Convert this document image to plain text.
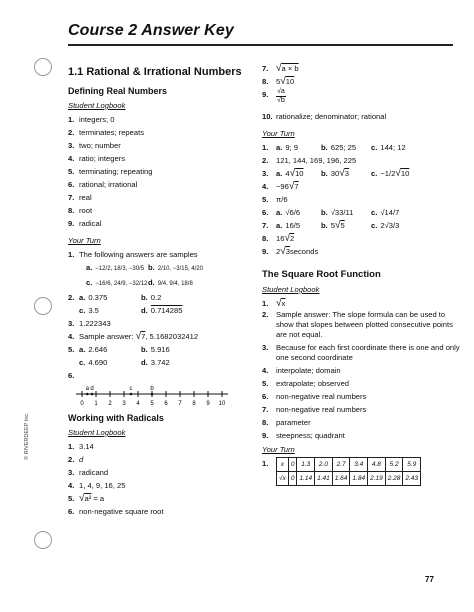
Course 2 Answer Key
1.1 Rational & Irrational Numbers
Defining Real Numbers
Student Logbook
1. integers; 0
2. terminates; repeats
3. two; number
4. ratio; integers
5. terminating; repeating
6. rational; irrational
7. real
8. root
9. radical
Your Turn
1. The following answers are samples
a. −12/2, 18/3, −30/5 b. 2/10, −3/15, 4/20
c. −16/6, 24/9, −32/12 d. 9/4, 9/4, 18/8
2. a. 0.375	b. 0.2
c. 3.5	d. 0.714285
3. 1.222343
4. Sample answer:
√ 7 , 5.1682032412
5. a. 2.646	b. 5.916
c. 4.690	d. 3.742
6.
0 1 2 3 4 5 6 7 8 9 10
a d	c	b
Working with Radicals
Student Logbook
1. 3.14
2. d
3. radicand
4. 1, 4, 9, 16, 25
5. √ a²
= a
6. non-negative square root
7. √ a × b
8.	5 √ 10
9.	$\frac{√a}{√b}$
10. rationalize; denominator; rational
Your Turn
1.	a. 9; 9	b. 625; 25	c. 144; 12
2.	121, 144, 169, 196, 225
3.	a. 4√10	b. 30√3	c. −1/2√10
4.	−96 √ 7
5.	π/6
6.	a. √6/6	b. √33/11	c. √14/7
7.	a. 16/5	b. 5√5	c. 2√3/3
8.	16 √ 2
9.	2 √ 3 seconds
The Square Root Function
Student Logbook
1. √ x
2.	Sample answer: The slope formula can be used to show that slopes between plotted consecutive points are not equal.
3.	Because for each first coordinate there is one and only one second coordinate
4.	interpolate; domain
5.	extrapolate; observed
6.	non-negative real numbers
7.	non-negative real numbers
8.	parameter
9.	steepness; quadrant
Your Turn
1.	x	0	1.3	2.0	2.7	3.4	4.8	5.2	5.9
√x	0	1.14	1.41	1.64	1.84	2.19	2.28	2.43
© RIVERDEEP Inc.
77
